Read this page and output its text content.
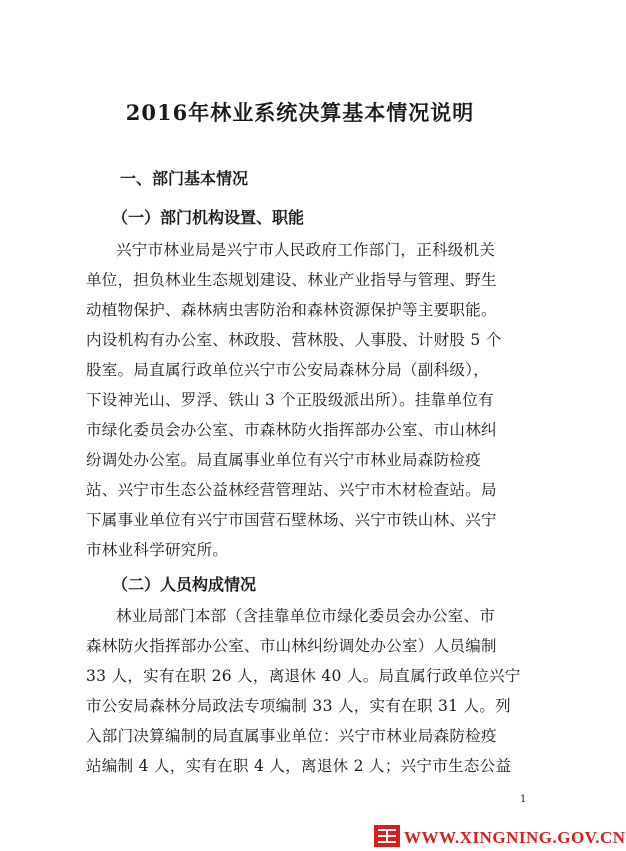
2016年林业系统决算基本情况说明
一、部门基本情况
（一）部门机构设置、职能
兴宁市林业局是兴宁市人民政府工作部门，正科级机关
单位，担负林业生态规划建设、林业产业指导与管理、野生
动植物保护、森林病虫害防治和森林资源保护等主要职能。
内设机构有办公室、林政股、营林股、人事股、计财股 5 个
股室。局直属行政单位兴宁市公安局森林分局（副科级），
下设神光山、罗浮、铁山 3 个正股级派出所）。挂靠单位有
市绿化委员会办公室、市森林防火指挥部办公室、市山林纠
纷调处办公室。局直属事业单位有兴宁市林业局森防检疫
站、兴宁市生态公益林经营管理站、兴宁市木材检查站。局
下属事业单位有兴宁市国营石壁林场、兴宁市铁山林、兴宁
市林业科学研究所。
（二）人员构成情况
林业局部门本部（含挂靠单位市绿化委员会办公室、市
森林防火指挥部办公室、市山林纠纷调处办公室）人员编制
33 人，实有在职 26 人，离退休 40 人。局直属行政单位兴宁
市公安局森林分局政法专项编制 33 人，实有在职 31 人。列
入部门决算编制的局直属事业单位：兴宁市林业局森防检疫
站编制 4 人，实有在职 4 人，离退休 2 人；兴宁市生态公益
1
WWW.XINGNING.GOV.CN
